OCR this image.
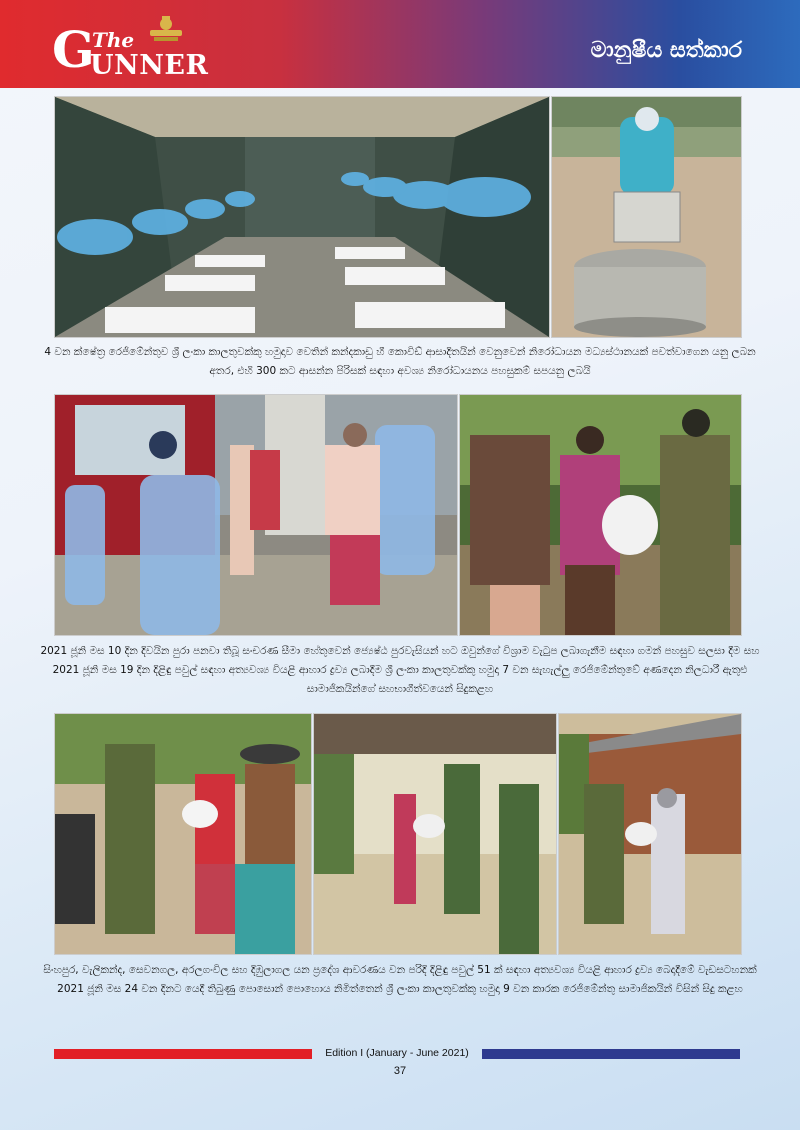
G
The
UNNER	මානුෂීය සත්කාර
4 වන ක්ෂේත්‍ර රෙජිමේන්තුව ශ්‍රී ලංකා කාලතුවක්කු හමුදාව වෙතින් කන්දකාඩු හී කොවිඩ් ආසාදිතයින් වෙනුවෙන් නිරෝධායන මධ්‍යස්ථානයක් පවත්වාගෙන යනු ලබන අතර, එහි 300 කට ආසන්න පිරිසක් සඳහා අවශ්‍ය නිරෝධායනය පහසුකම් සපයනු ලබයි
2021 ජූනි මස 10 දින දිවයින පුරා පනවා තිබූ සංචරණ සීමා හේතුවෙන් ජ්‍යෙෂ්ඨ පුරවැසියන් හට ඔවුන්ගේ විශ්‍රාම වැටුප ලබාගැනීම සඳහා ගමන් පහසුව සලසා දීම සහ 2021 ජූනි මස 19 දින දිළිඳු පවුල් සඳහා අත්‍යවශ්‍ය වියළි ආහාර ද්‍රව්‍ය ලබාදීම ශ්‍රී ලංකා කාලතුවක්කු හමුදා 7 වන සැහැල්ලු රෙජිමේන්තුවේ අණදෙන නිලධාරී ඇතුළු සාමාජිකයින්ගේ සහභාගීත්වයෙන් සිදුකළහ
සිංහපුර, වැලිකන්ද, සෙවනගල, අරලගංවිල සහ දිඹුලාගල යන ප්‍රදේශ ආවරණය වන පරිදි දිළිඳු පවුල් 51 ක් සඳහා අත්‍යවශ්‍ය වියළි ආහාර ද්‍රව්‍ය බෙදාදීමේ වැඩසටහනක් 2021 ජූනි මස 24 වන දිනට යෙදී තිබුණු පොසොන් පොහොය නිමිත්තෙන් ශ්‍රී ලංකා කාලතුවක්කු හමුදා 9 වන කාරක රෙජිමේන්තු සාමාජිකයින් විසින් සිදු කළහ
Edition I (January - June 2021)
37
